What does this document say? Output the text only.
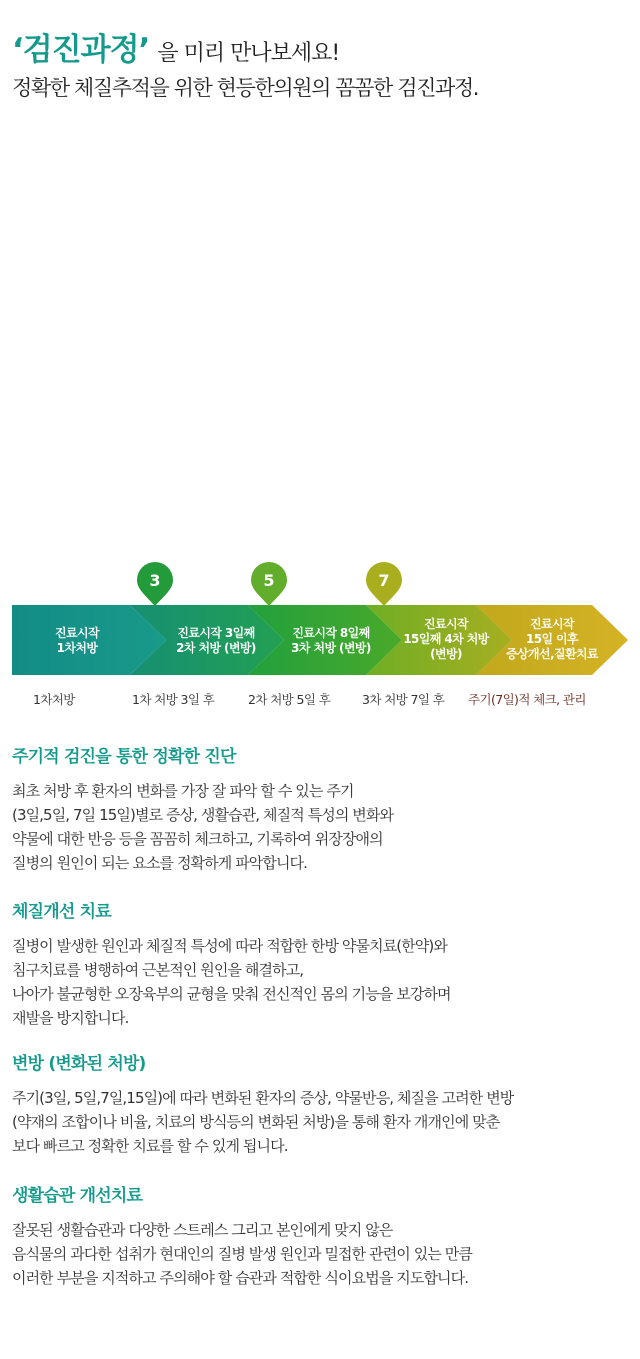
‘검진과정’ 을 미리 만나보세요!
정확한 체질추적을 위한 현등한의원의 꼼꼼한 검진과정.
3	5	7
진료시작
1차처방
진료시작 3일째
2차 처방 (변방)
진료시작 8일째
3차 처방 (변방)
진료시작
15일째 4차 처방
(변방)
진료시작
15일 이후
증상개선,질환치료
1차처방	1차 처방 3일 후	2차 처방 5일 후	3차 처방 7일 후 주기(7일)적 체크, 관리
주기적 검진을 통한 정확한 진단

최초 처방 후 환자의 변화를 가장 잘 파악 할 수 있는 주기

(3일,5일, 7일 15일)별로 증상, 생활습관, 체질적 특성의 변화와

약물에 대한 반응 등을 꼼꼼히 체크하고, 기록하여 위장장애의

질병의 원인이 되는 요소를 정확하게 파악합니다.

체질개선 치료

질병이 발생한 원인과 체질적 특성에 따라 적합한 한방 약물치료(한약)와

침구치료를 병행하여 근본적인 원인을 해결하고,

나아가 불균형한 오장육부의 균형을 맞춰 전신적인 몸의 기능을 보강하며

재발을 방지합니다.

변방 (변화된 처방)

주기(3일, 5일,7일,15일)에 따라 변화된 환자의 증상, 약물반응, 체질을 고려한 변방

(약재의 조합이나 비율, 치료의 방식등의 변화된 처방)을 통해 환자 개개인에 맞춘

보다 빠르고 정확한 치료를 할 수 있게 됩니다.

생활습관 개선치료

잘못된 생활습관과 다양한 스트레스 그리고 본인에게 맞지 않은

음식물의 과다한 섭취가 현대인의 질병 발생 원인과 밀접한 관련이 있는 만큼

이러한 부분을 지적하고 주의해야 할 습관과 적합한 식이요법을 지도합니다.
